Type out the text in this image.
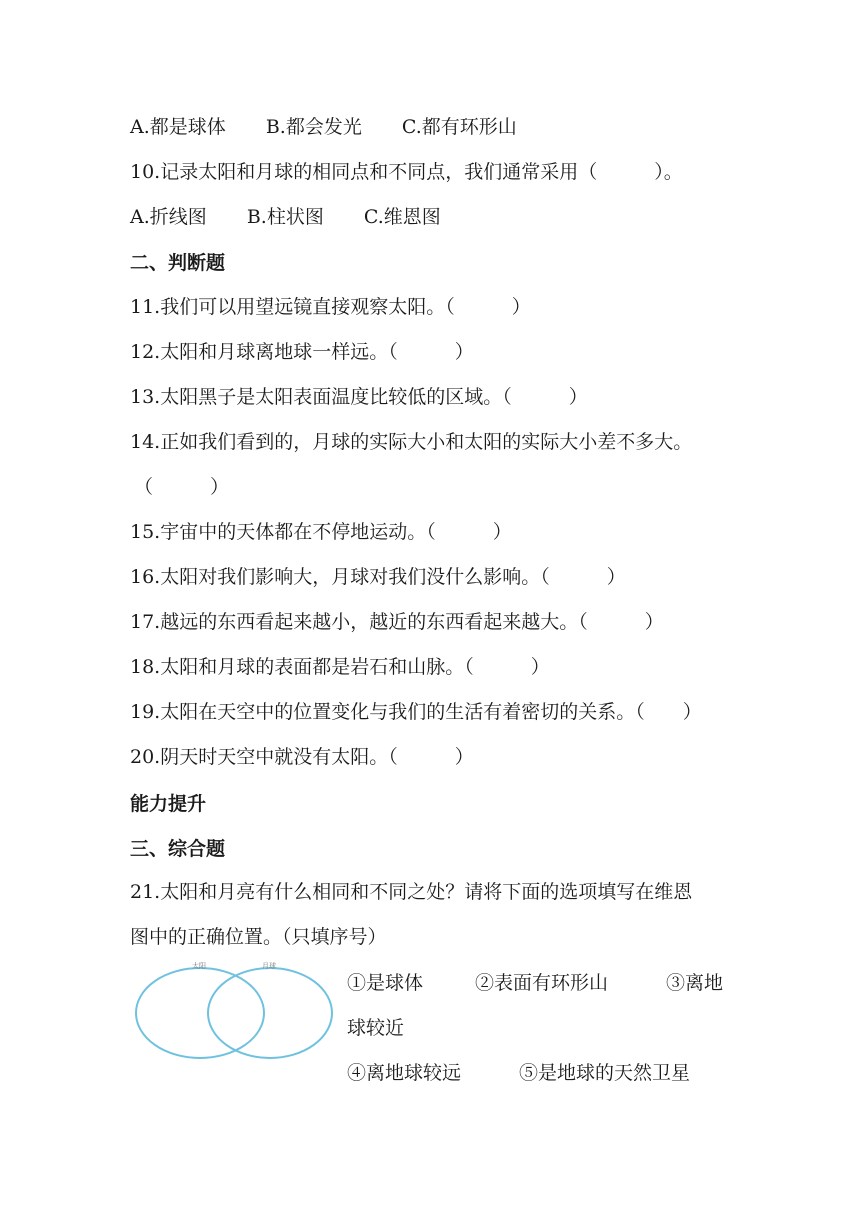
A.都是球体 B.都会发光 C.都有环形山
10.记录太阳和月球的相同点和不同点，我们通常采用（　　　）。
A.折线图 B.柱状图 C.维恩图
二、判断题
11.我们可以用望远镜直接观察太阳。（　　　）
12.太阳和月球离地球一样远。（　　　）
13.太阳黑子是太阳表面温度比较低的区域。（　　　）
14.正如我们看到的，月球的实际大小和太阳的实际大小差不多大。
（　　　）
15.宇宙中的天体都在不停地运动。（　　　）
16.太阳对我们影响大，月球对我们没什么影响。（　　　）
17.越远的东西看起来越小，越近的东西看起来越大。（　　　）
18.太阳和月球的表面都是岩石和山脉。（　　　）
19.太阳在天空中的位置变化与我们的生活有着密切的关系。（　　）
20.阴天时天空中就没有太阳。（　　　）
能力提升
三、综合题
21.太阳和月亮有什么相同和不同之处？请将下面的选项填写在维恩
图中的正确位置。（只填序号）
太阳	月球
①是球体	②表面有环形山	③离地
球较近
④离地球较远	⑤是地球的天然卫星
